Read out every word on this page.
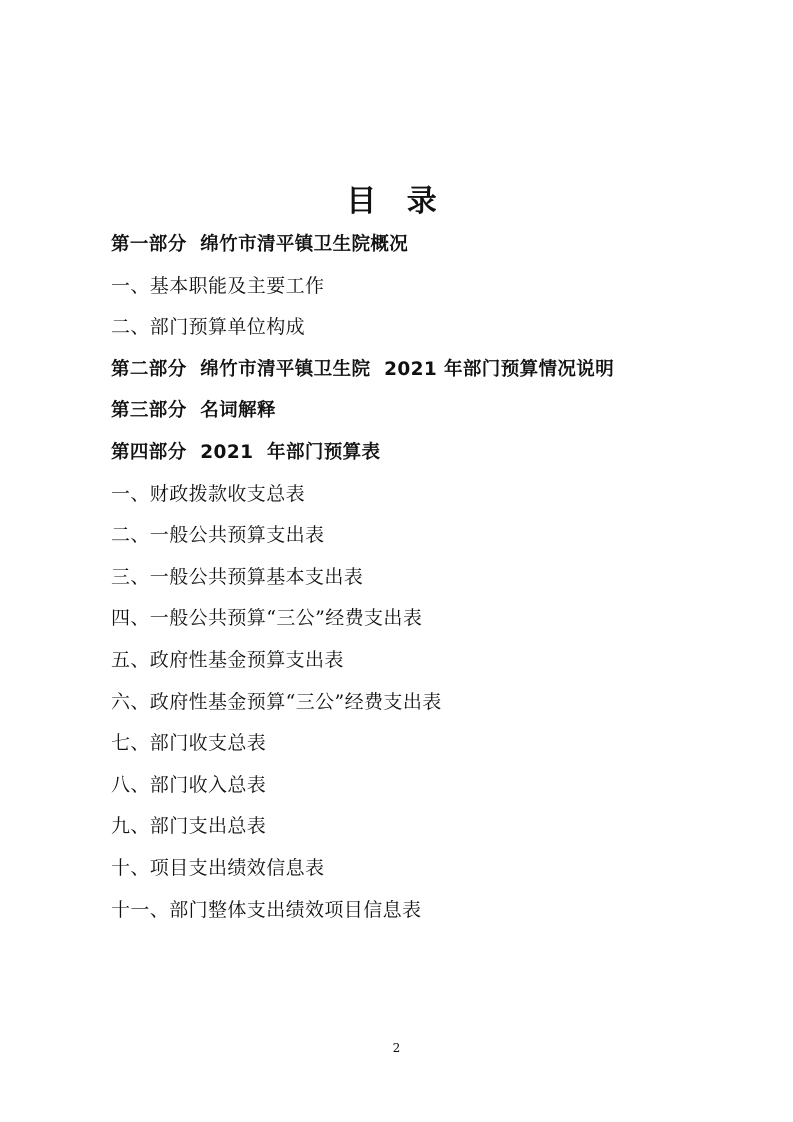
目 录
第一部分  绵竹市清平镇卫生院概况
一、基本职能及主要工作
二、部门预算单位构成
第二部分  绵竹市清平镇卫生院  2021 年部门预算情况说明
第三部分  名词解释
第四部分  2021  年部门预算表
一、财政拨款收支总表
二、一般公共预算支出表
三、一般公共预算基本支出表
四、一般公共预算“三公”经费支出表
五、政府性基金预算支出表
六、政府性基金预算“三公”经费支出表
七、部门收支总表
八、部门收入总表
九、部门支出总表
十、项目支出绩效信息表
十一、部门整体支出绩效项目信息表
2
